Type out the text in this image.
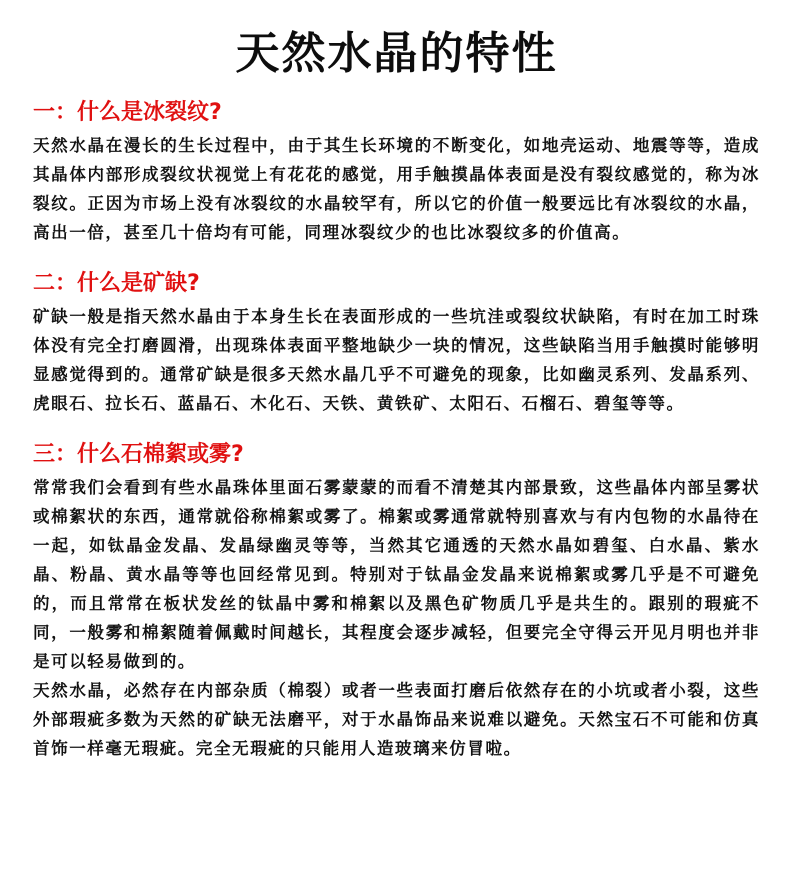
天然水晶的特性
一：什么是冰裂纹?

天然水晶在漫长的生长过程中，由于其生长环境的不断变化，如地壳运动、地震等等，造成其晶体内部形成裂纹状视觉上有花花的感觉，用手触摸晶体表面是没有裂纹感觉的，称为冰裂纹。正因为市场上没有冰裂纹的水晶较罕有，所以它的价值一般要远比有冰裂纹的水晶，高出一倍，甚至几十倍均有可能，同理冰裂纹少的也比冰裂纹多的价值高。

二：什么是矿缺?

矿缺一般是指天然水晶由于本身生长在表面形成的一些坑洼或裂纹状缺陷，有时在加工时珠体没有完全打磨圆滑，出现珠体表面平整地缺少一块的情况，这些缺陷当用手触摸时能够明显感觉得到的。通常矿缺是很多天然水晶几乎不可避免的现象，比如幽灵系列、发晶系列、虎眼石、拉长石、蓝晶石、木化石、天铁、黄铁矿、太阳石、石榴石、碧玺等等。

三：什么石棉絮或雾?

常常我们会看到有些水晶珠体里面石雾蒙蒙的而看不清楚其内部景致，这些晶体内部呈雾状或棉絮状的东西，通常就俗称棉絮或雾了。棉絮或雾通常就特别喜欢与有内包物的水晶待在一起，如钛晶金发晶、发晶绿幽灵等等，当然其它通透的天然水晶如碧玺、白水晶、紫水晶、粉晶、黄水晶等等也回经常见到。特别对于钛晶金发晶来说棉絮或雾几乎是不可避免的，而且常常在板状发丝的钛晶中雾和棉絮以及黑色矿物质几乎是共生的。跟别的瑕疵不同，一般雾和棉絮随着佩戴时间越长，其程度会逐步减轻，但要完全守得云开见月明也并非是可以轻易做到的。

天然水晶，必然存在内部杂质（棉裂）或者一些表面打磨后依然存在的小坑或者小裂，这些外部瑕疵多数为天然的矿缺无法磨平，对于水晶饰品来说难以避免。天然宝石不可能和仿真首饰一样毫无瑕疵。完全无瑕疵的只能用人造玻璃来仿冒啦。
